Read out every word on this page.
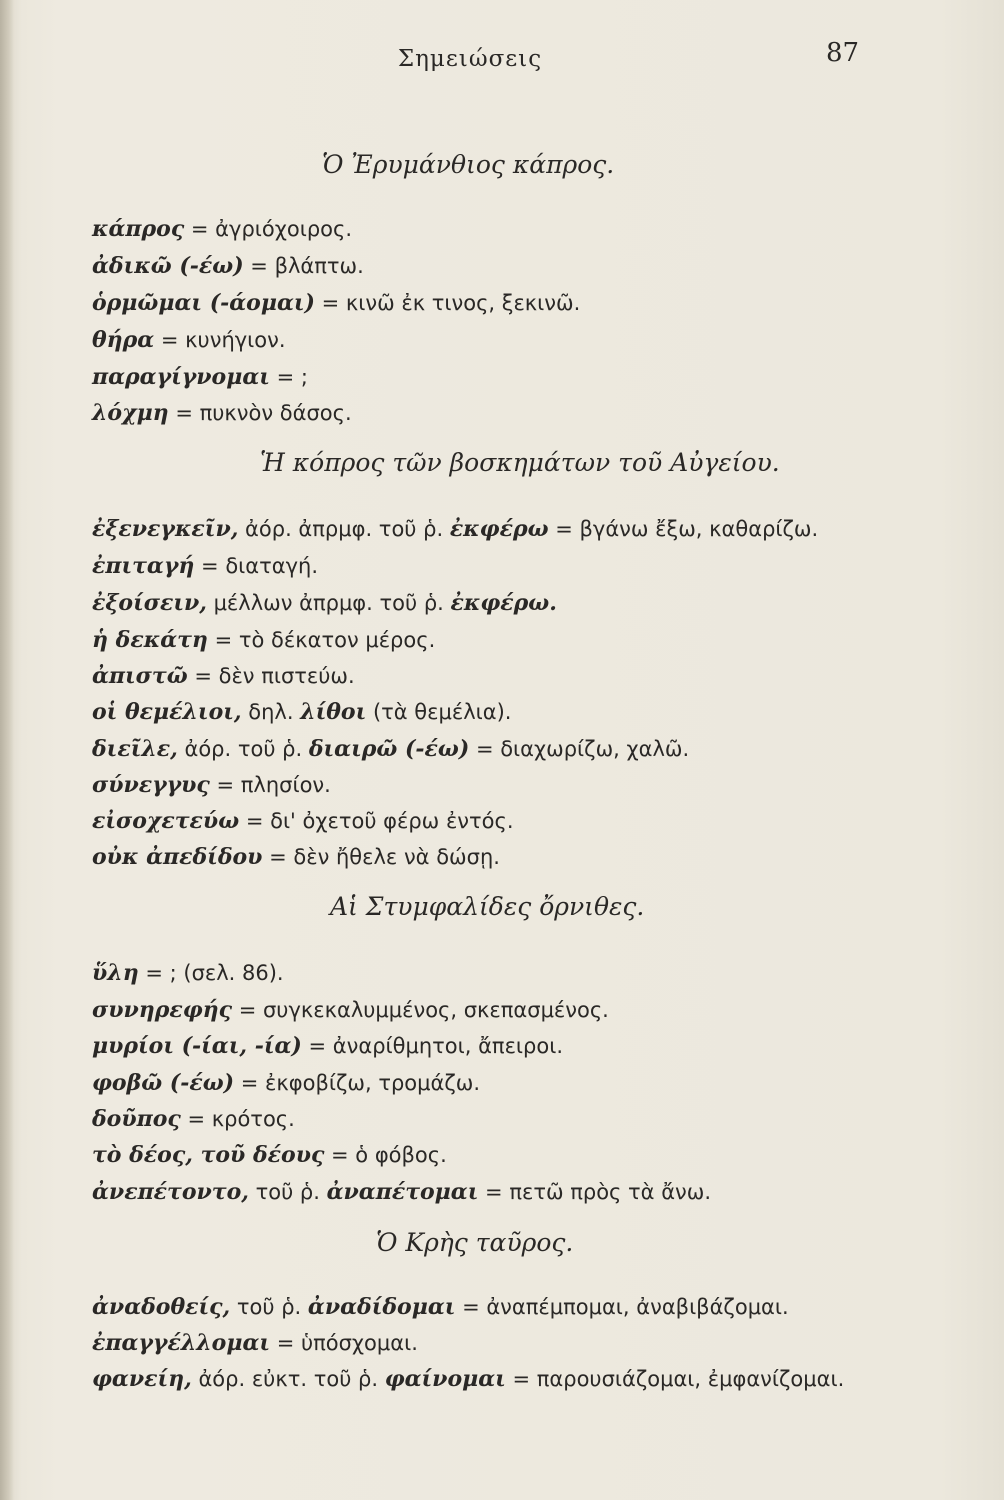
Σημειώσεις	87
Ὁ Ἐρυμάνθιος κάπρος.
κάπρος = ἀγριόχοιρος.
ἀδικῶ (-έω) = βλάπτω.
ὁρμῶμαι (-άομαι) = κινῶ ἐκ τινος, ξεκινῶ.
θήρα = κυνήγιον.
παραγίγνομαι = ;
λόχμη = πυκνὸν δάσος.
Ἡ κόπρος τῶν βοσκημάτων τοῦ Αὐγείου.
ἐξενεγκεῖν, ἀόρ. ἀπρμφ. τοῦ ῥ. ἐκφέρω = βγάνω ἔξω, καθαρίζω.
ἐπιταγή = διαταγή.
ἐξοίσειν, μέλλων ἀπρμφ. τοῦ ῥ. ἐκφέρω.
ἡ δεκάτη = τὸ δέκατον μέρος.
ἀπιστῶ = δὲν πιστεύω.
οἱ θεμέλιοι, δηλ. λίθοι (τὰ θεμέλια).
διεῖλε, ἀόρ. τοῦ ῥ. διαιρῶ (-έω) = διαχωρίζω, χαλῶ.
σύνεγγυς = πλησίον.
εἰσοχετεύω = δι' ὀχετοῦ φέρω ἐντός.
οὐκ ἀπεδίδου = δὲν ἤθελε νὰ δώσῃ.
Αἱ Στυμφαλίδες ὄρνιθες.
ὕλη = ; (σελ. 86).
συνηρεφής = συγκεκαλυμμένος, σκεπασμένος.
μυρίοι (-ίαι, -ία) = ἀναρίθμητοι, ἄπειροι.
φοβῶ (-έω) = ἐκφοβίζω, τρομάζω.
δοῦπος = κρότος.
τὸ δέος, τοῦ δέους = ὁ φόβος.
ἀνεπέτοντο, τοῦ ῥ. ἀναπέτομαι = πετῶ πρὸς τὰ ἄνω.
Ὁ Κρὴς ταῦρος.
ἀναδοθείς, τοῦ ῥ. ἀναδίδομαι = ἀναπέμπομαι, ἀναβιβάζομαι.
ἐπαγγέλλομαι = ὑπόσχομαι.
φανείη, ἀόρ. εὐκτ. τοῦ ῥ. φαίνομαι = παρουσιάζομαι, ἐμφανίζομαι.
